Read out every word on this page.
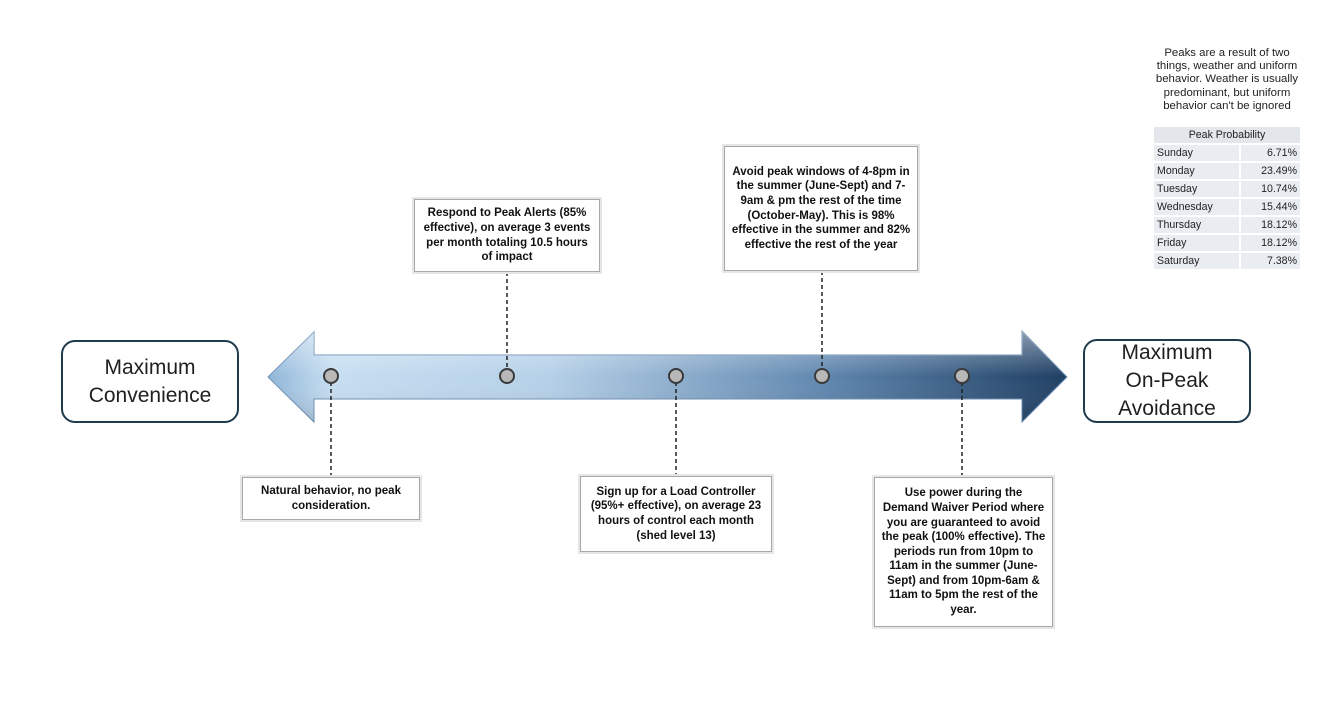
Maximum
Convenience
Maximum
On-Peak
Avoidance
Natural behavior, no peak consideration.
Respond to Peak Alerts (85% effective), on average 3 events per month totaling 10.5 hours of impact
Sign up for a Load Controller (95%+ effective), on average 23 hours of control each month (shed level 13)
Avoid peak windows of 4-8pm in the summer (June-Sept) and 7-9am & pm the rest of the time (October-May). This is 98% effective in the summer and 82% effective the rest of the year
Use power during the Demand Waiver Period where you are guaranteed to avoid the peak (100% effective). The periods run from 10pm to 11am in the summer (June-Sept) and from 10pm-6am & 11am to 5pm the rest of the year.
Peaks are a result of two things, weather and uniform behavior. Weather is usually predominant, but uniform behavior can't be ignored
Peak Probability	
Sunday	6.71%
Monday	23.49%
Tuesday	10.74%
Wednesday	15.44%
Thursday	18.12%
Friday	18.12%
Saturday	7.38%
